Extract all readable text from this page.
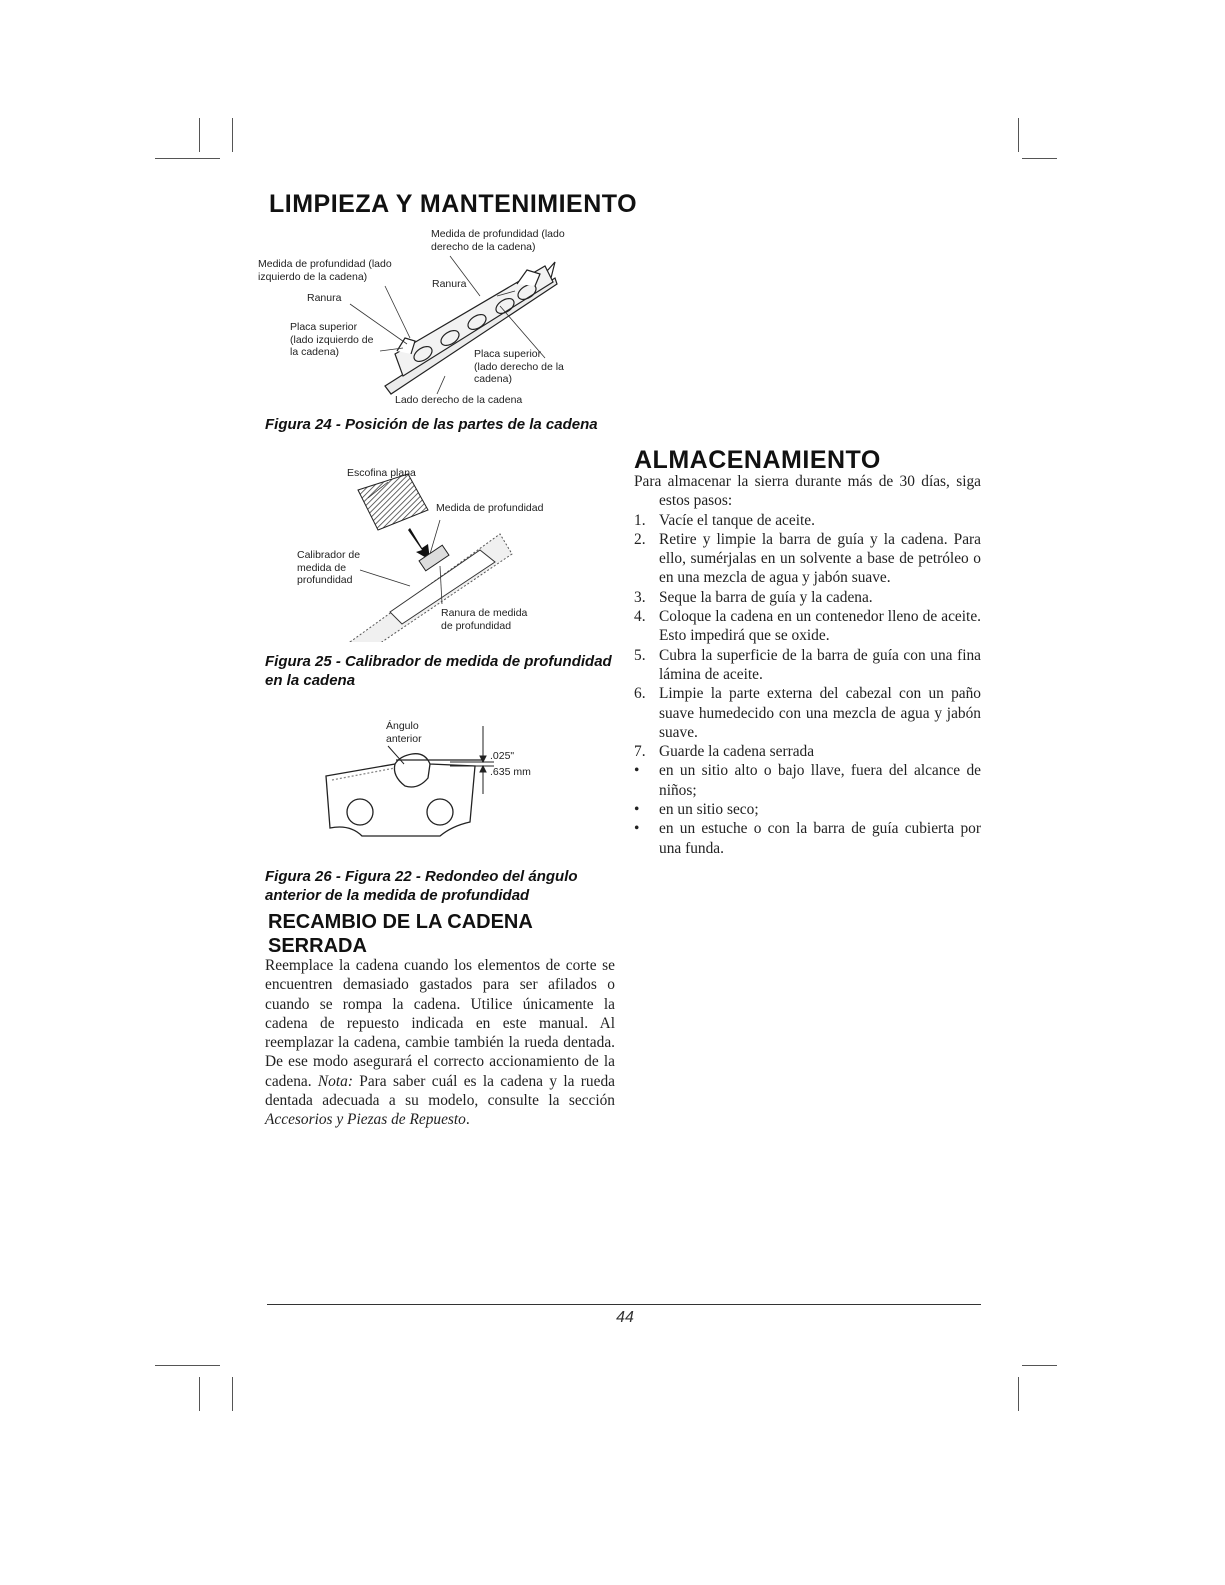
LIMPIEZA Y MANTENIMIENTO
Medida de profundidad (lado
derecho de la cadena)
Medida de profundidad (lado
izquierdo de la cadena)
Ranura
Ranura
Placa superior
(lado izquierdo de
la cadena)	Placa superior
(lado derecho de la
cadena)
Lado derecho de la cadena
Figura 24 - Posición de las partes de la cadena
Escofina plana
Medida de profundidad
Calibrador de
medida de
profundidad
Ranura de medida
de profundidad
Figura 25 - Calibrador de medida de profundidad en la cadena
Ángulo
anterior
.025"
.635 mm
Figura 26 - Figura 22 - Redondeo del ángulo anterior de la medida de profundidad
RECAMBIO DE LA CADENA SERRADA

Reemplace la cadena cuando los elementos de corte se encuentren demasiado gastados para ser afilados o cuando se rompa la cadena. Utilice únicamente la cadena de repuesto indicada en este manual. Al reemplazar la cadena, cambie también la rueda dentada. De ese modo asegurará el correcto accionamiento de la cadena. Nota: Para saber cuál es la cadena y la rueda dentada adecuada a su modelo, consulte la sección Accesorios y Piezas de Repuesto.

ALMACENAMIENTO
Para almacenar la sierra durante más de 30 días, siga estos pasos:
1. Vacíe el tanque de aceite.
2. Retire y limpie la barra de guía y la cadena. Para ello, sumérjalas en un solvente a base de petróleo o en una mezcla de agua y jabón suave.
3. Seque la barra de guía y la cadena.
4. Coloque la cadena en un contenedor lleno de aceite. Esto impedirá que se oxide.
5. Cubra la superficie de la barra de guía con una fina lámina de aceite.
6. Limpie la parte externa del cabezal con un paño suave humedecido con una mezcla de agua y jabón suave.
7. Guarde la cadena serrada
•	en un sitio alto o bajo llave, fuera del alcance de niños;
•	en un sitio seco;
•	en un estuche o con la barra de guía cubierta por una funda.
44
